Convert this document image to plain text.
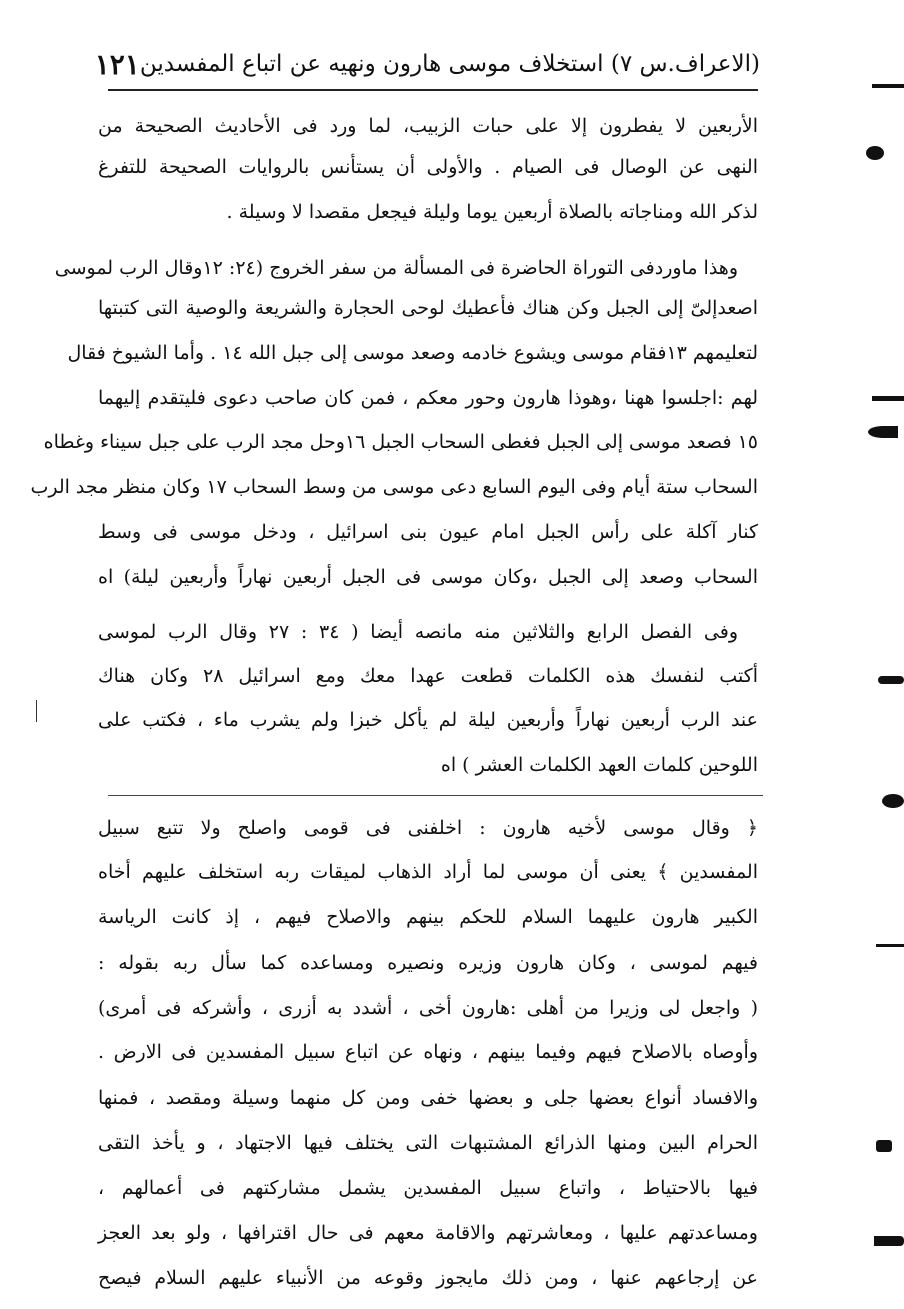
(الاعراف.س ٧) استخلاف موسى هارون ونهيه عن اتباع المفسدين
١٢١
الأربعين لا يفطرون إلا على حبات الزبيب، لما ورد فى الأحاديث الصحيحة من
النهى عن الوصال فى الصيام . والأولى أن يستأنس بالروايات الصحيحة للتفرغ
لذكر الله ومناجاته بالصلاة أربعين يوما وليلة فيجعل مقصدا لا وسيلة .
وهذا ماوردفى التوراة الحاضرة فى المسألة من سفر الخروج (٢٤: ١٢وقال الرب لموسى
اصعدإلىّ إلى الجبل وكن هناك فأعطيك لوحى الحجارة والشريعة والوصية التى كتبتها
لتعليمهم ١٣فقام موسى ويشوع خادمه وصعد موسى إلى جبل الله ١٤ . وأما الشيوخ فقال
لهم :اجلسوا ههنا ،وهوذا هارون وحور معكم ، فمن كان صاحب دعوى فليتقدم إليهما
١٥ فصعد موسى إلى الجبل فغطى السحاب الجبل ١٦وحل مجد الرب على جبل سيناء وغطاه
السحاب ستة أيام وفى اليوم السابع دعى موسى من وسط السحاب ١٧ وكان منظر مجد الرب
كنار آكلة على رأس الجبل امام عيون بنى اسرائيل ، ودخل موسى فى وسط
السحاب وصعد إلى الجبل ،وكان موسى فى الجبل أربعين نهاراً وأربعين ليلة) اه
وفى الفصل الرابع والثلاثين منه مانصه أيضا ( ٣٤ : ٢٧ وقال الرب لموسى
أكتب لنفسك هذه الكلمات قطعت عهدا معك ومع اسرائيل ٢٨ وكان هناك
عند الرب أربعين نهاراً وأربعين ليلة لم يأكل خبزا ولم يشرب ماء ، فكتب على
اللوحين كلمات العهد الكلمات العشر ) اه
﴿ وقال موسى لأخيه هارون : اخلفنى فى قومى واصلح ولا تتبع سبيل
المفسدين ﴾ يعنى أن موسى لما أراد الذهاب لميقات ربه استخلف عليهم أخاه
الكبير هارون عليهما السلام للحكم بينهم والاصلاح فيهم ، إذ كانت الرياسة
فيهم لموسى ، وكان هارون وزيره ونصيره ومساعده كما سأل ربه بقوله :
( واجعل لى وزيرا من أهلى :هارون أخى ، أشدد به أزرى ، وأشركه فى أمرى)
وأوصاه بالاصلاح فيهم وفيما بينهم ، ونهاه عن اتباع سبيل المفسدين فى الارض .
والافساد أنواع بعضها جلى و بعضها خفى ومن كل منهما وسيلة ومقصد ، فمنها
الحرام البين ومنها الذرائع المشتبهات التى يختلف فيها الاجتهاد ، و يأخذ التقى
فيها بالاحتياط ، واتباع سبيل المفسدين يشمل مشاركتهم فى أعمالهم ،
ومساعدتهم عليها ، ومعاشرتهم والاقامة معهم فى حال اقترافها ، ولو بعد العجز
عن إرجاعهم عنها ، ومن ذلك مايجوز وقوعه من الأنبياء عليهم السلام فيصح
